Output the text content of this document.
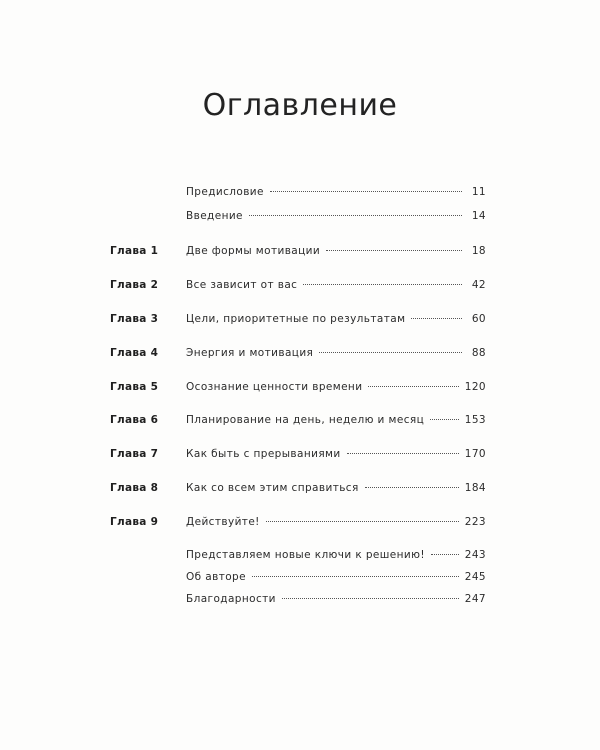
Оглавление
Предисловие	11
Введение	14
Глава 1	Две формы мотивации	18
Глава 2	Все зависит от вас	42
Глава 3	Цели, приоритетные по результатам	60
Глава 4	Энергия и мотивация	88
Глава 5	Осознание ценности времени	120
Глава 6	Планирование на день, неделю и месяц	153
Глава 7	Как быть с прерываниями	170
Глава 8	Как со всем этим справиться	184
Глава 9	Действуйте!	223
Представляем новые ключи к решению!	243
Об авторе	245
Благодарности	247
